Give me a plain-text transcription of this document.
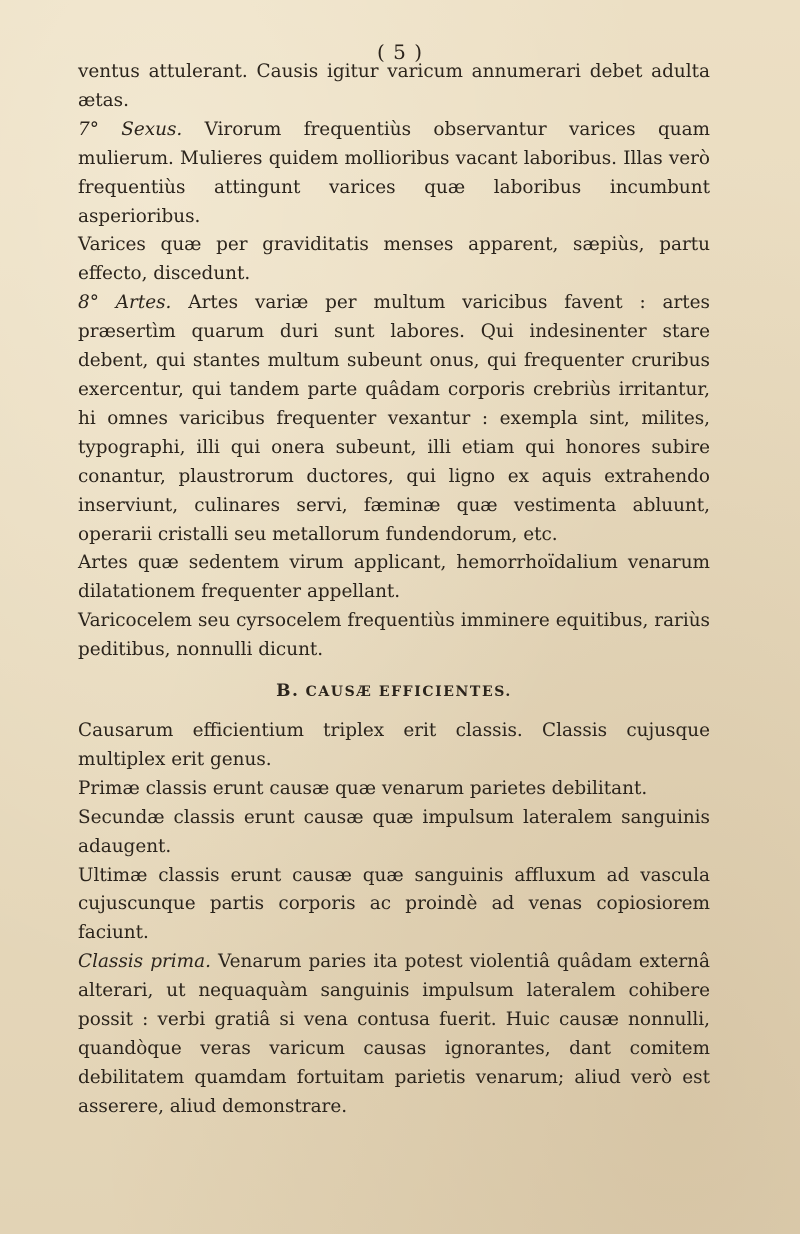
( 5 )

ventus attulerant. Causis igitur varicum annumerari debet adulta ætas.

7° Sexus. Virorum frequentiùs observantur varices quam mulierum. Mulieres quidem mollioribus vacant laboribus. Illas verò frequentiùs attingunt varices quæ laboribus incumbunt asperioribus.

Varices quæ per graviditatis menses apparent, sæpiùs, partu effecto, discedunt.

8° Artes. Artes variæ per multum varicibus favent : artes præsertìm quarum duri sunt labores. Qui indesinenter stare debent, qui stantes multum subeunt onus, qui frequenter cruribus exercentur, qui tandem parte quâdam corporis crebriùs irritantur, hi omnes varicibus frequenter vexantur : exempla sint, milites, typographi, illi qui onera subeunt, illi etiam qui honores subire conantur, plaustrorum ductores, qui ligno ex aquis extrahendo inserviunt, culinares servi, fæminæ quæ vestimenta abluunt, operarii cristalli seu metallorum fundendorum, etc.

Artes quæ sedentem virum applicant, hemorrhoïdalium venarum dilatationem frequenter appellant.

Varicocelem seu cyrsocelem frequentiùs imminere equitibus, rariùs peditibus, nonnulli dicunt.

B. CAUSÆ EFFICIENTES.

Causarum efficientium triplex erit classis. Classis cujusque multiplex erit genus.

Primæ classis erunt causæ quæ venarum parietes debilitant.

Secundæ classis erunt causæ quæ impulsum lateralem sanguinis adaugent.

Ultimæ classis erunt causæ quæ sanguinis affluxum ad vascula cujuscunque partis corporis ac proindè ad venas copiosiorem faciunt.

Classis prima. Venarum paries ita potest violentiâ quâdam externâ alterari, ut nequaquàm sanguinis impulsum lateralem cohibere possit : verbi gratiâ si vena contusa fuerit. Huic causæ nonnulli, quandòque veras varicum causas ignorantes, dant comitem debilitatem quamdam fortuitam parietis venarum; aliud verò est asserere, aliud demonstrare.
